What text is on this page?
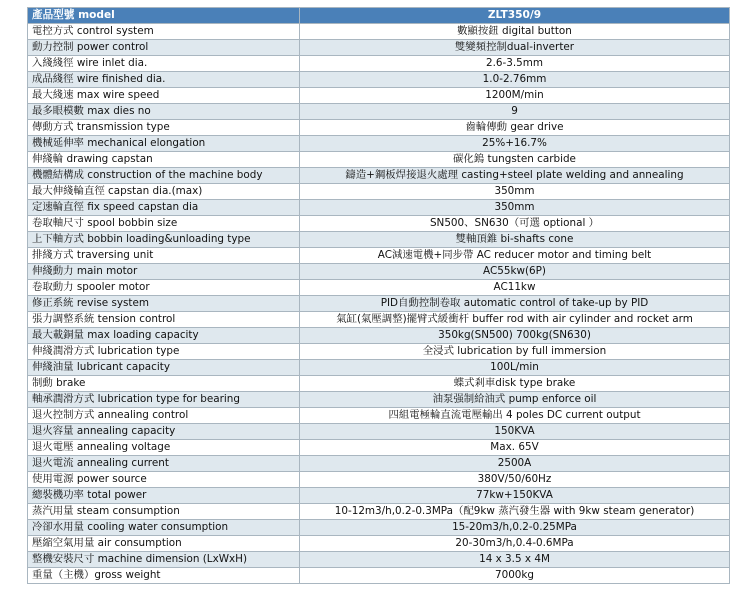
產品型號 model	ZLT350/9
電控方式 control system	數顯按鈕 digital button
動力控制 power control	雙變頻控制dual-inverter
入綫綫徑 wire inlet dia.	2.6-3.5mm
成品綫徑 wire finished dia.	1.0-2.76mm
最大綫速 max wire speed	1200M/min
最多眼模數 max dies no	9
傳動方式 transmission type	齒輪傳動 gear drive
機械延伸率 mechanical elongation	25%+16.7%
伸綫輪 drawing capstan	碳化鎢 tungsten carbide
機體結構成 construction of the machine body	鑄造+鋼板焊接退火處理 casting+steel plate welding and annealing
最大伸綫輪直徑 capstan dia.(max)	350mm
定速輪直徑 fix speed capstan dia	350mm
卷取軸尺寸 spool bobbin size	SN500、SN630（可選 optional ）
上下軸方式 bobbin loading&unloading type	雙軸頂錐 bi-shafts cone
排綫方式 traversing unit	AC減速電機+同步帶 AC reducer motor and timing belt
伸綫動力 main motor	AC55kw(6P)
卷取動力 spooler motor	AC11kw
修正系統 revise system	PID自動控制卷取 automatic control of take-up by PID
張力調整系統 tension control	氣缸(氣壓調整)擺臂式緩衝杆 buffer rod with air cylinder and rocket arm
最大載銅量 max loading capacity	350kg(SN500) 700kg(SN630)
伸綫潤滑方式 lubrication type	全浸式 lubrication by full immersion
伸綫油量 lubricant capacity	100L/min
制動 brake	蝶式剎車disk type brake
軸承潤滑方式 lubrication type for bearing	油泵强制給油式 pump enforce oil
退火控制方式 annealing control	四組電極輪直流電壓輸出 4 poles DC current output
退火容量 annealing capacity	150KVA
退火電壓 annealing voltage	Max. 65V
退火電流 annealing current	2500A
使用電源 power source	380V/50/60Hz
總裝機功率 total power	77kw+150KVA
蒸汽用量 steam consumption	10-12m3/h,0.2-0.3MPa（配9kw 蒸汽發生器 with 9kw steam generator)
冷卻水用量 cooling water consumption	15-20m3/h,0.2-0.25MPa
壓縮空氣用量 air consumption	20-30m3/h,0.4-0.6MPa
整機安裝尺寸 machine dimension (LxWxH)	14 x 3.5 x 4M
重量（主機）gross weight	7000kg
